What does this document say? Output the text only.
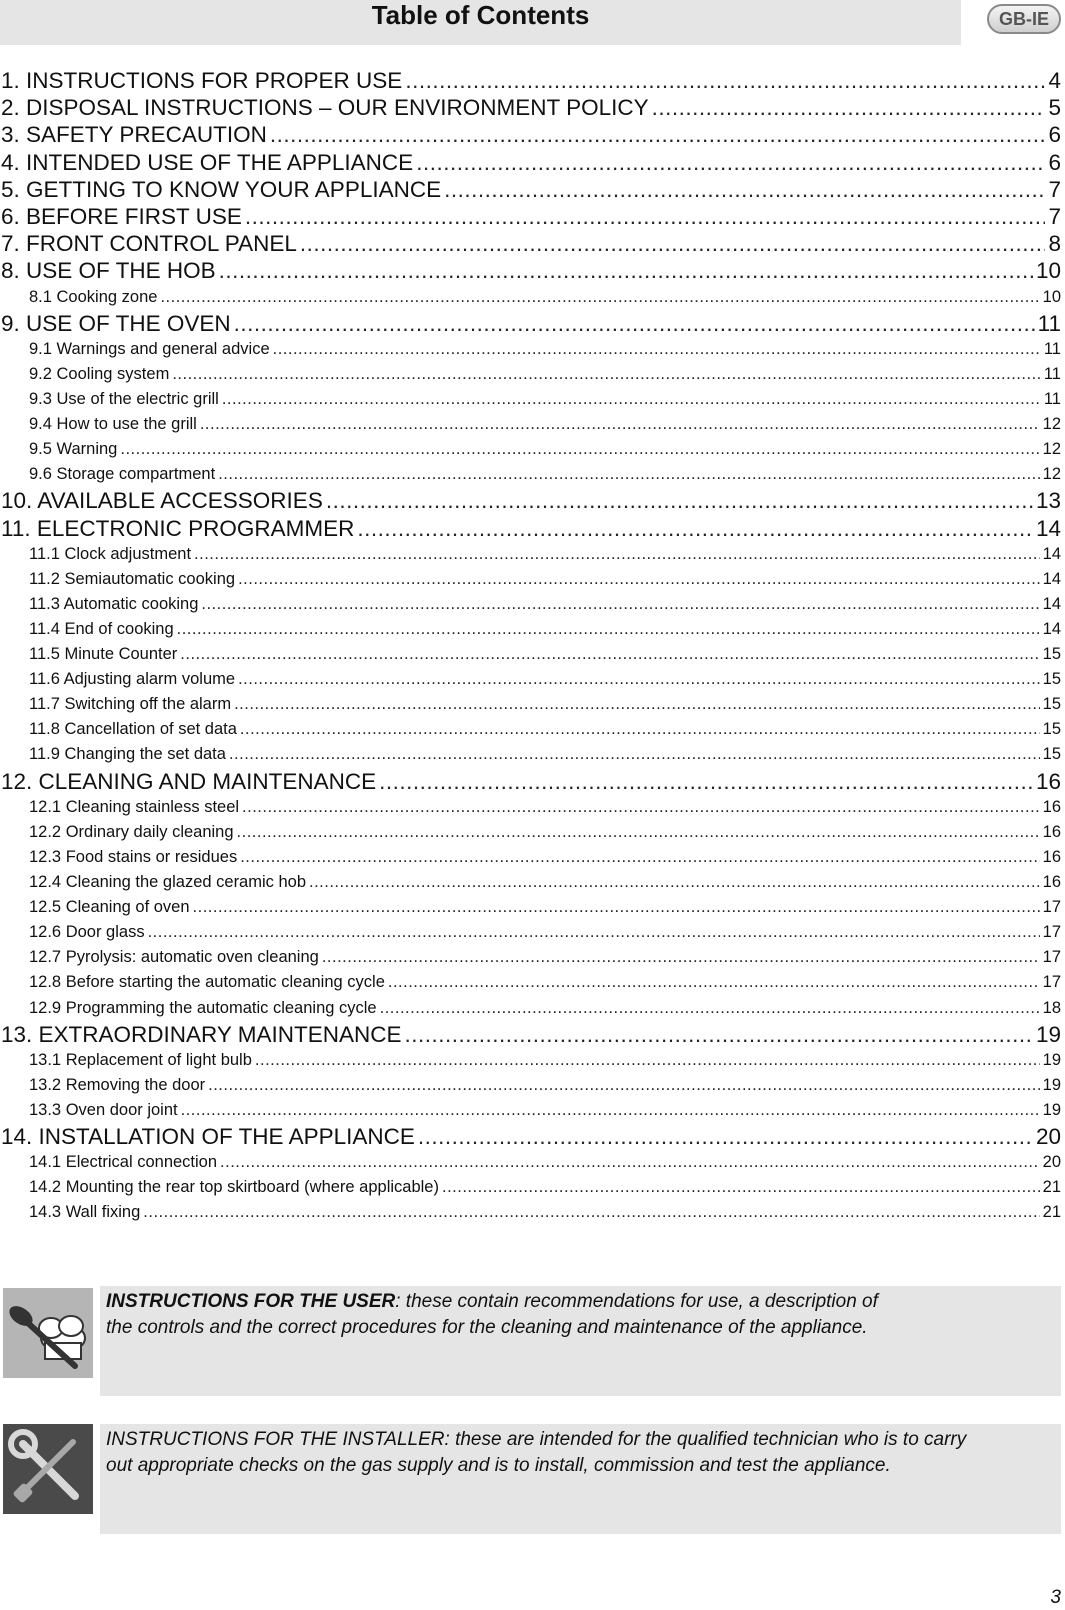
Table of Contents	GB-IE
1. INSTRUCTIONS FOR PROPER USE .....	4
2. DISPOSAL INSTRUCTIONS – OUR ENVIRONMENT POLICY .....	5
3. SAFETY PRECAUTION .....	6
4. INTENDED USE OF THE APPLIANCE .....	6
5. GETTING TO KNOW YOUR APPLIANCE .....	7
6. BEFORE FIRST USE .....	7
7. FRONT CONTROL PANEL .....	8
8. USE OF THE HOB .....	10
8.1 Cooking zone .....	10
9. USE OF THE OVEN .....	11
9.1 Warnings and general advice .....	11
9.2 Cooling system .....	11
9.3 Use of the electric grill .....	11
9.4 How to use the grill .....	12
9.5 Warning .....	12
9.6 Storage compartment .....	12
10. AVAILABLE ACCESSORIES .....	13
11. ELECTRONIC PROGRAMMER .....	14
11.1 Clock adjustment .....	14
11.2 Semiautomatic cooking .....	14
11.3 Automatic cooking .....	14
11.4 End of cooking .....	14
11.5 Minute Counter .....	15
11.6 Adjusting alarm volume .....	15
11.7 Switching off the alarm .....	15
11.8 Cancellation of set data .....	15
11.9 Changing the set data .....	15
12. CLEANING AND MAINTENANCE .....	16
12.1 Cleaning stainless steel .....	16
12.2 Ordinary daily cleaning .....	16
12.3 Food stains or residues .....	16
12.4 Cleaning the glazed ceramic hob .....	16
12.5 Cleaning of oven .....	17
12.6 Door glass .....	17
12.7 Pyrolysis: automatic oven cleaning .....	17
12.8 Before starting the automatic cleaning cycle .....	17
12.9 Programming the automatic cleaning cycle .....	18
13. EXTRAORDINARY MAINTENANCE .....	19
13.1 Replacement of light bulb .....	19
13.2 Removing the door .....	19
13.3 Oven door joint .....	19
14. INSTALLATION OF THE APPLIANCE .....	20
14.1 Electrical connection .....	20
14.2 Mounting the rear top skirtboard (where applicable) .....	21
14.3 Wall fixing .....	21
INSTRUCTIONS FOR THE USER: these contain recommendations for use, a description of
the controls and the correct procedures for the cleaning and maintenance of the appliance.
INSTRUCTIONS FOR THE INSTALLER: these are intended for the qualified technician who is to carry
out appropriate checks on the gas supply and is to install, commission and test the appliance.
3
